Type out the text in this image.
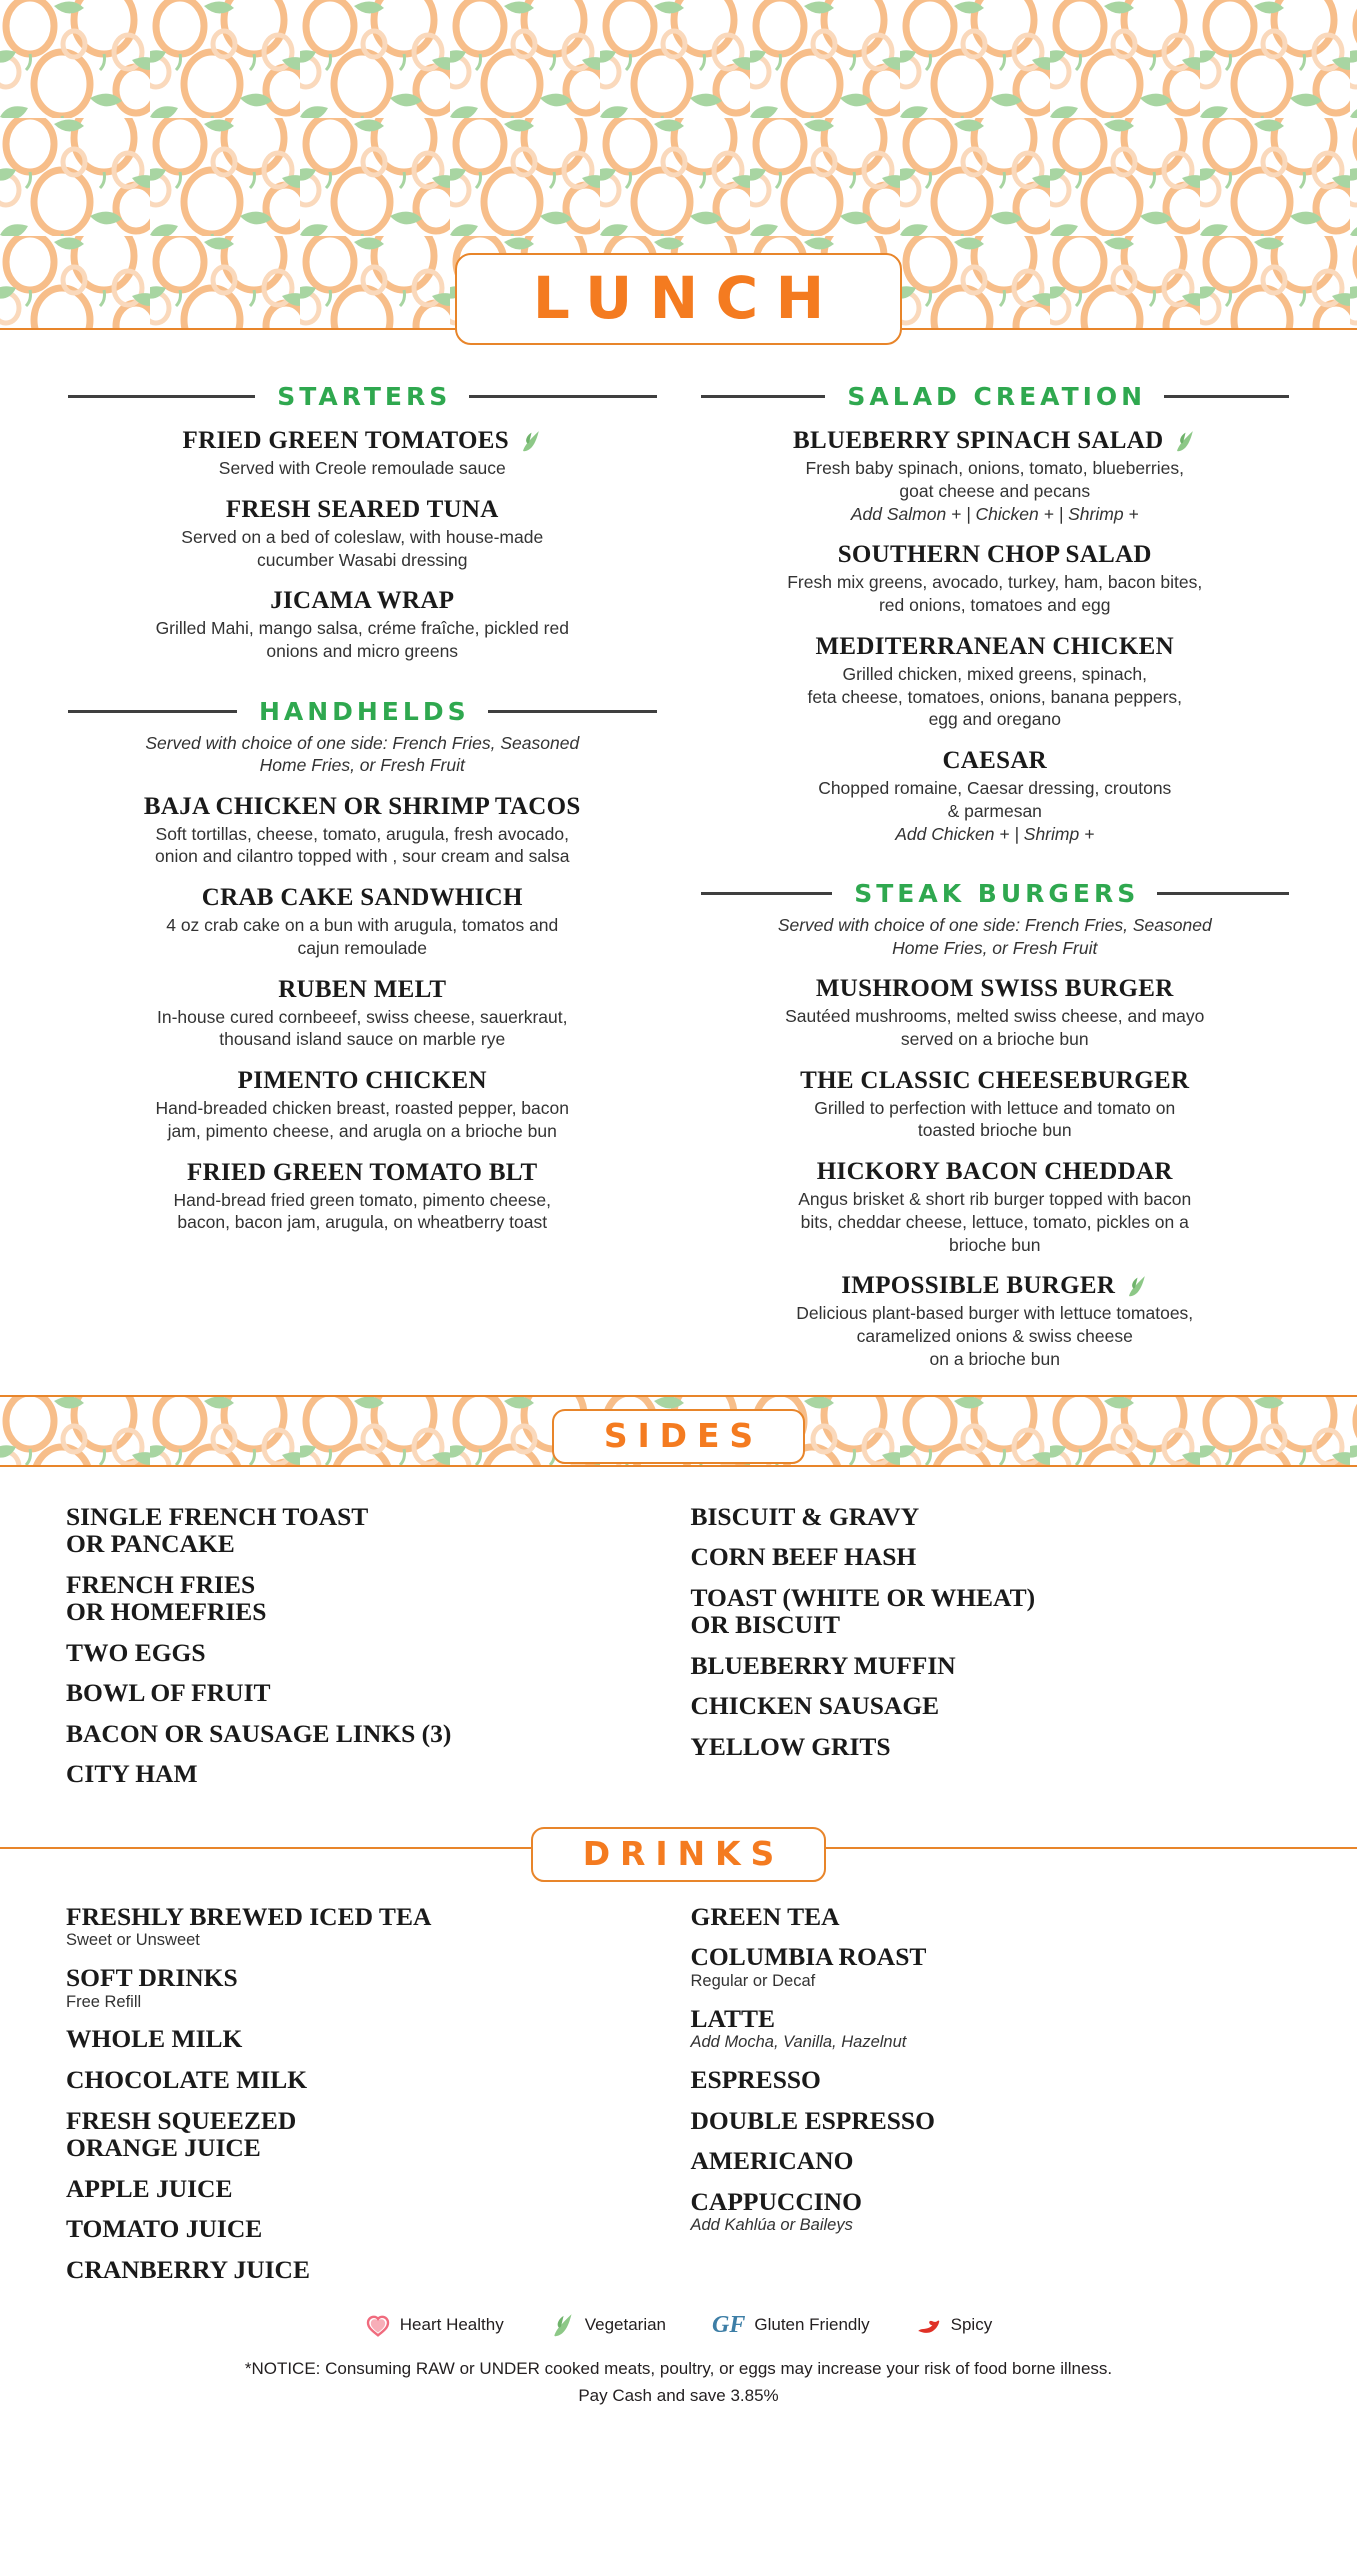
LUNCH
STARTERS
FRIED GREEN TOMATOES
Served with Creole remoulade sauce
FRESH SEARED TUNA
Served on a bed of coleslaw, with house-made
cucumber Wasabi dressing
JICAMA WRAP
Grilled Mahi, mango salsa, créme fraîche, pickled red
onions and micro greens
HANDHELDS
Served with choice of one side: French Fries, Seasoned
Home Fries, or Fresh Fruit
BAJA CHICKEN OR SHRIMP TACOS
Soft tortillas, cheese, tomato, arugula, fresh avocado,
onion and cilantro topped with , sour cream and salsa
CRAB CAKE SANDWHICH
4 oz crab cake on a bun with arugula, tomatos and
cajun remoulade
RUBEN MELT
In-house cured cornbeeef, swiss cheese, sauerkraut,
thousand island sauce on marble rye
PIMENTO CHICKEN
Hand-breaded chicken breast, roasted pepper, bacon
jam, pimento cheese, and arugla on a brioche bun
FRIED GREEN TOMATO BLT
Hand-bread fried green tomato, pimento cheese,
bacon, bacon jam, arugula, on wheatberry toast
SALAD CREATION
BLUEBERRY SPINACH SALAD
Fresh baby spinach, onions, tomato, blueberries,
goat cheese and pecans
Add Salmon + | Chicken + | Shrimp +
SOUTHERN CHOP SALAD
Fresh mix greens, avocado, turkey, ham, bacon bites,
red onions, tomatoes and egg
MEDITERRANEAN CHICKEN
Grilled chicken, mixed greens, spinach,
feta cheese, tomatoes, onions, banana peppers,
egg and oregano
CAESAR
Chopped romaine, Caesar dressing, croutons
& parmesan
Add Chicken + | Shrimp +
STEAK BURGERS
Served with choice of one side: French Fries, Seasoned
Home Fries, or Fresh Fruit
MUSHROOM SWISS BURGER
Sautéed mushrooms, melted swiss cheese, and mayo
served on a brioche bun
THE CLASSIC CHEESEBURGER
Grilled to perfection with lettuce and tomato on
toasted brioche bun
HICKORY BACON CHEDDAR
Angus brisket & short rib burger topped with bacon
bits, cheddar cheese, lettuce, tomato, pickles on a
brioche bun
IMPOSSIBLE BURGER
Delicious plant-based burger with lettuce tomatoes,
caramelized onions & swiss cheese
on a brioche bun
SIDES
SINGLE FRENCH TOAST
OR PANCAKE
FRENCH FRIES
OR HOMEFRIES
TWO EGGS
BOWL OF FRUIT
BACON OR SAUSAGE LINKS (3)
CITY HAM
BISCUIT & GRAVY
CORN BEEF HASH
TOAST (WHITE OR WHEAT)
OR BISCUIT
BLUEBERRY MUFFIN
CHICKEN SAUSAGE
YELLOW GRITS
DRINKS
FRESHLY BREWED ICED TEA
Sweet or Unsweet
SOFT DRINKS
Free Refill
WHOLE MILK
CHOCOLATE MILK
FRESH SQUEEZED
ORANGE JUICE
APPLE JUICE
TOMATO JUICE
CRANBERRY JUICE
GREEN TEA
COLUMBIA ROAST
Regular or Decaf
LATTE
Add Mocha, Vanilla, Hazelnut
ESPRESSO
DOUBLE ESPRESSO
AMERICANO
CAPPUCCINO
Add Kahlúa or Baileys
Heart Healthy	Vegetarian GF Gluten Friendly	Spicy
*NOTICE: Consuming RAW or UNDER cooked meats, poultry, or eggs may increase your risk of food borne illness.
Pay Cash and save 3.85%
